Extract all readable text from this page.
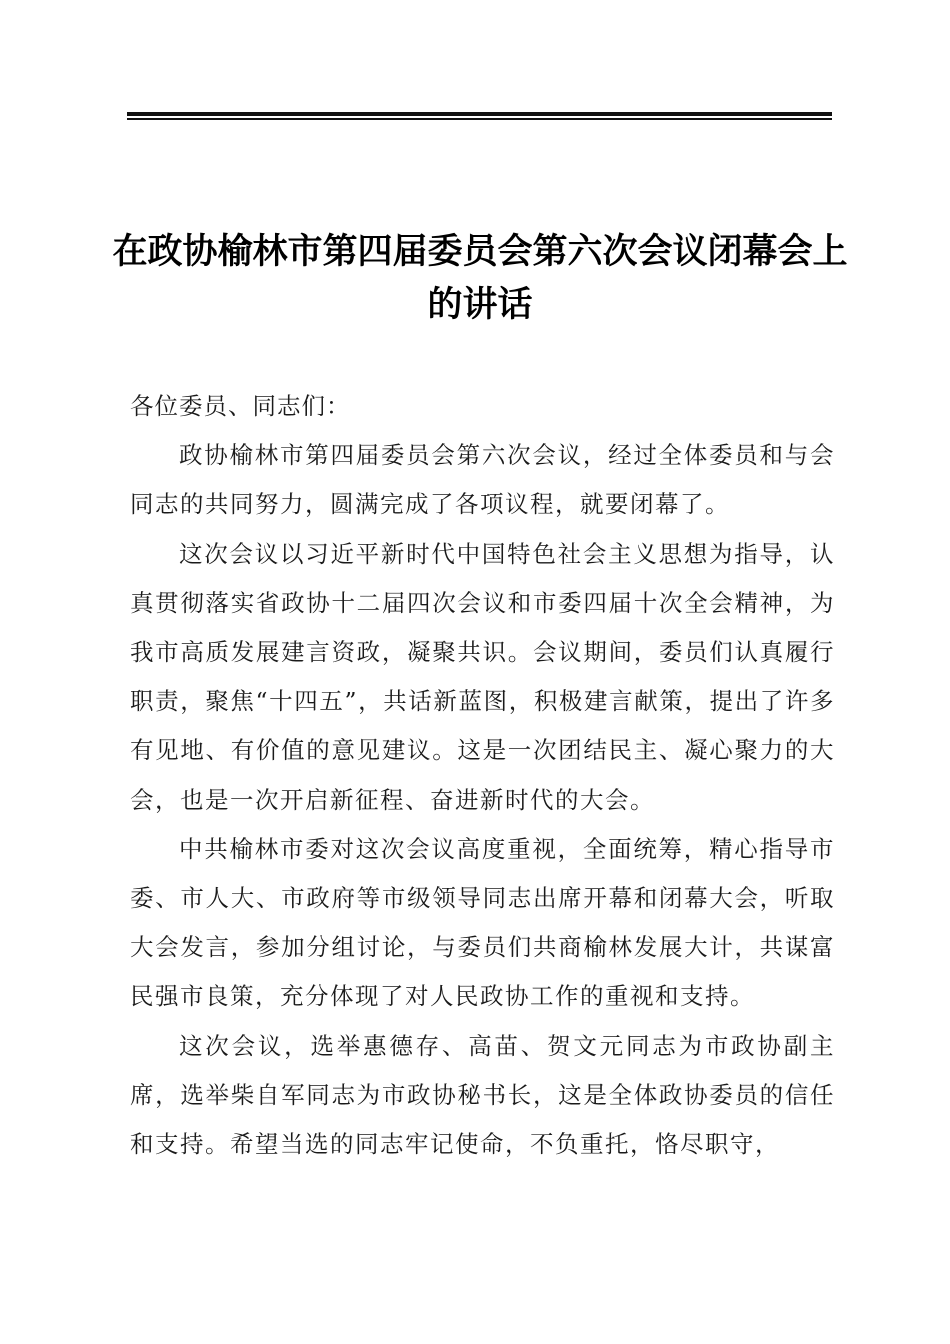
在政协榆林市第四届委员会第六次会议闭幕会上的讲话

各位委员、同志们：

政协榆林市第四届委员会第六次会议，经过全体委员和与会同志的共同努力，圆满完成了各项议程，就要闭幕了。

这次会议以习近平新时代中国特色社会主义思想为指导，认真贯彻落实省政协十二届四次会议和市委四届十次全会精神，为我市高质发展建言资政，凝聚共识。会议期间，委员们认真履行职责，聚焦“十四五”，共话新蓝图，积极建言献策，提出了许多有见地、有价值的意见建议。这是一次团结民主、凝心聚力的大会，也是一次开启新征程、奋进新时代的大会。

中共榆林市委对这次会议高度重视，全面统筹，精心指导市委、市人大、市政府等市级领导同志出席开幕和闭幕大会，听取大会发言，参加分组讨论，与委员们共商榆林发展大计，共谋富民强市良策，充分体现了对人民政协工作的重视和支持。

这次会议，选举惠德存、高苗、贺文元同志为市政协副主席，选举柴自军同志为市政协秘书长，这是全体政协委员的信任和支持。希望当选的同志牢记使命，不负重托，恪尽职守，
